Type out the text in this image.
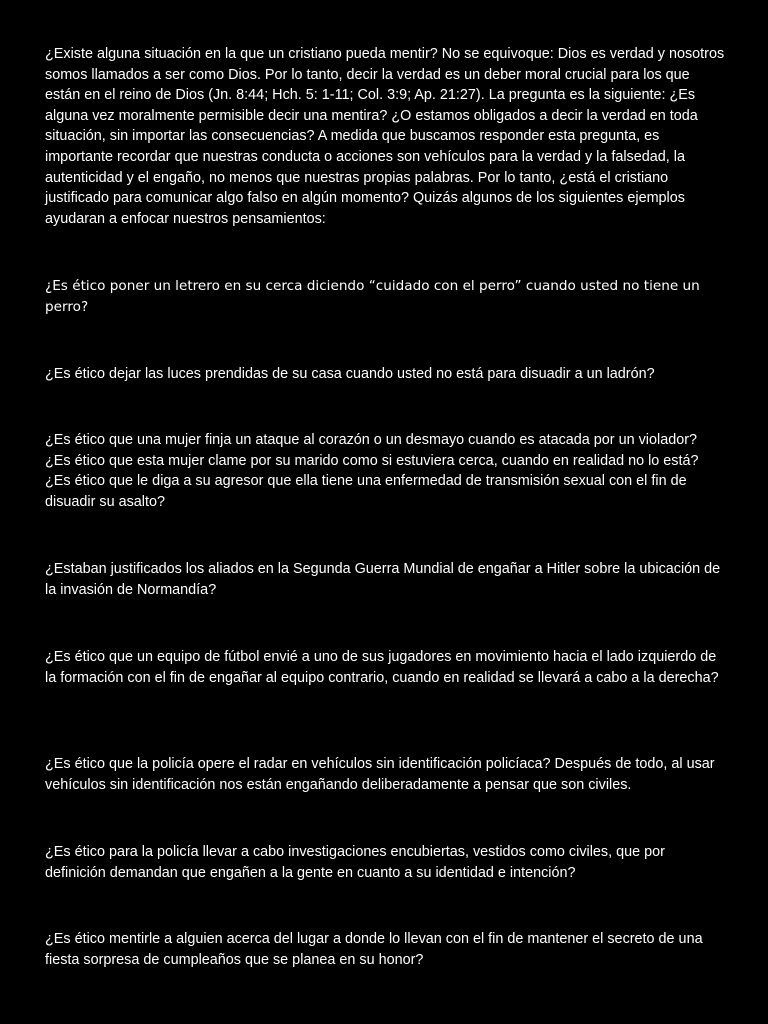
¿Existe alguna situación en la que un cristiano pueda mentir? No se equivoque: Dios es verdad y nosotros somos llamados a ser como Dios. Por lo tanto, decir la verdad es un deber moral crucial para los que están en el reino de Dios (Jn. 8:44; Hch. 5: 1-11; Col. 3:9; Ap. 21:27). La pregunta es la siguiente: ¿Es alguna vez moralmente permisible decir una mentira? ¿O estamos obligados a decir la verdad en toda situación, sin importar las consecuencias? A medida que buscamos responder esta pregunta, es importante recordar que nuestras conducta o acciones son vehículos para la verdad y la falsedad, la autenticidad y el engaño, no menos que nuestras propias palabras. Por lo tanto, ¿está el cristiano justificado para comunicar algo falso en algún momento? Quizás algunos de los siguientes ejemplos ayudaran a enfocar nuestros pensamientos:

¿Es ético poner un letrero en su cerca diciendo “cuidado con el perro” cuando usted no tiene un perro?

¿Es ético dejar las luces prendidas de su casa cuando usted no está para disuadir a un ladrón?

¿Es ético que una mujer finja un ataque al corazón o un desmayo cuando es atacada por un violador? ¿Es ético que esta mujer clame por su marido como si estuviera cerca, cuando en realidad no lo está? ¿Es ético que le diga a su agresor que ella tiene una enfermedad de transmisión sexual con el fin de disuadir su asalto?

¿Estaban justificados los aliados en la Segunda Guerra Mundial de engañar a Hitler sobre la ubicación de la invasión de Normandía?

¿Es ético que un equipo de fútbol envié a uno de sus jugadores en movimiento hacia el lado izquierdo de la formación con el fin de engañar al equipo contrario, cuando en realidad se llevará a cabo a la derecha?

¿Es ético que la policía opere el radar en vehículos sin identificación policíaca? Después de todo, al usar vehículos sin identificación nos están engañando deliberadamente a pensar que son civiles.

¿Es ético para la policía llevar a cabo investigaciones encubiertas, vestidos como civiles, que por definición demandan que engañen a la gente en cuanto a su identidad e intención?

¿Es ético mentirle a alguien acerca del lugar a donde lo llevan con el fin de mantener el secreto de una fiesta sorpresa de cumpleaños que se planea en su honor?
